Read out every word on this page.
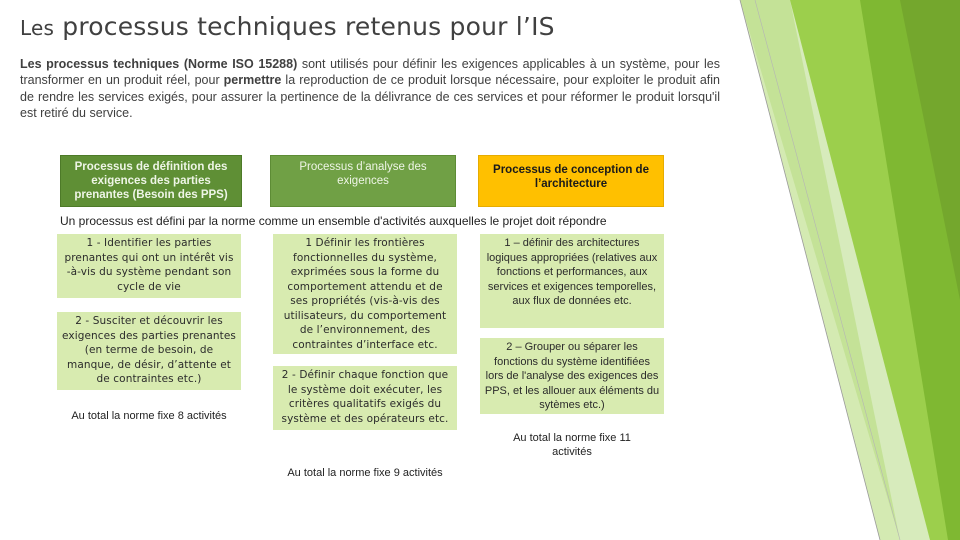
Les processus techniques retenus pour l’IS
Les processus techniques (Norme ISO 15288) sont utilisés pour définir les exigences applicables à un système, pour les transformer en un produit réel, pour permettre la reproduction de ce produit lorsque nécessaire, pour exploiter le produit afin de rendre les services exigés, pour assurer la pertinence de la délivrance de ces services et pour réformer le produit lorsqu'il est retiré du service.
Processus de définition des exigences des parties prenantes (Besoin des PPS)
Processus d’analyse des exigences
Processus de conception de l’architecture
Un processus est défini par la norme comme un ensemble d'activités auxquelles le projet doit répondre
1 - Identifier les parties prenantes qui ont un intérêt vis -à-vis du système pendant son cycle de vie
2 - Susciter et découvrir les exigences des parties prenantes (en terme de besoin, de manque, de désir, d’attente et de contraintes etc.)
Au total la norme fixe 8 activités
1 Définir les frontières fonctionnelles du système, exprimées sous la forme du comportement attendu et de ses propriétés (vis-à-vis des utilisateurs, du comportement de l’environnement, des contraintes d’interface etc.
2 - Définir chaque fonction que le système doit exécuter, les critères qualitatifs exigés du système et des opérateurs etc.
Au total la norme fixe 9 activités
1 – définir des architectures logiques appropriées (relatives aux fonctions et performances, aux services et exigences temporelles, aux flux de données etc.
2 – Grouper ou séparer les fonctions du système identifiées lors de l'analyse des exigences des PPS, et les allouer aux éléments du sytèmes etc.)
Au total la norme fixe 11 activités
